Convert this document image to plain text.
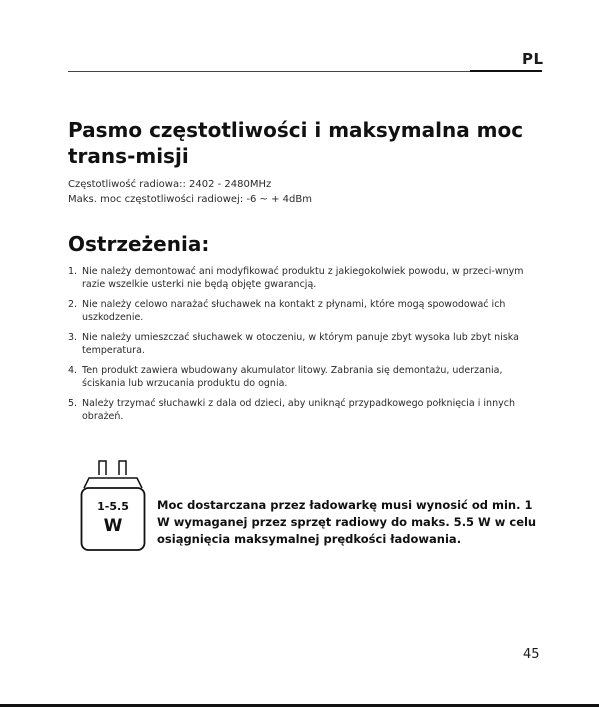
PL
Pasmo częstotliwości i maksymalna moc trans-misji
Częstotliwość radiowa:: 2402 - 2480MHz
Maks. moc częstotliwości radiowej: -6 ~ + 4dBm
Ostrzeżenia:
1. Nie należy demontować ani modyfikować produktu z jakiegokolwiek powodu, w przeci-wnym razie wszelkie usterki nie będą objęte gwarancją.
2. Nie należy celowo narażać słuchawek na kontakt z płynami, które mogą spowodować ich uszkodzenie.
3. Nie należy umieszczać słuchawek w otoczeniu, w którym panuje zbyt wysoka lub zbyt niska temperatura.
4. Ten produkt zawiera wbudowany akumulator litowy. Zabrania się demontażu, uderzania, ściskania lub wrzucania produktu do ognia.
5. Należy trzymać słuchawki z dala od dzieci, aby uniknąć przypadkowego połknięcia i innych obrażeń.
1-5.5
W

Moc dostarczana przez ładowarkę musi wynosić od min. 1 W wymaganej przez sprzęt radiowy do maks. 5.5 W w celu osiągnięcia maksymalnej prędkości ładowania.

45
